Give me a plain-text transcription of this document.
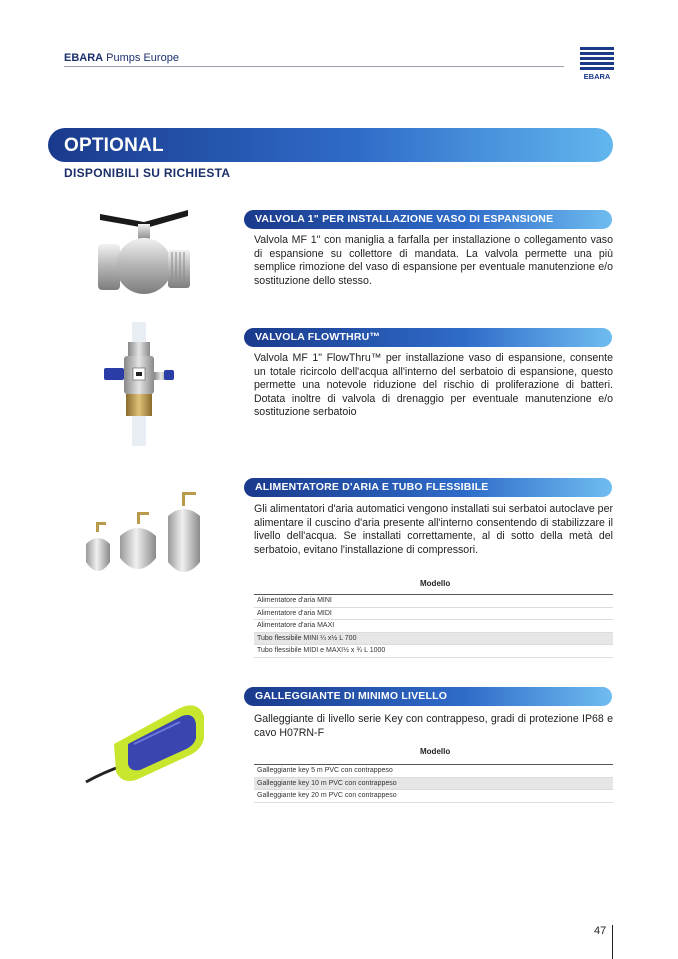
EBARA Pumps Europe
EBARA
OPTIONAL
DISPONIBILI SU RICHIESTA
VALVOLA 1" PER INSTALLAZIONE VASO DI ESPANSIONE
Valvola MF 1" con maniglia a farfalla per installazione o collegamento vaso di espansione su collettore di mandata. La valvola permette una più semplice rimozione del vaso di espansione per eventuale manutenzione e/o sostituzione dello stesso.
VALVOLA FLOWTHRU™
Valvola MF 1" FlowThru™ per installazione vaso di espansione, consente un totale ricircolo dell'acqua all'interno del serbatoio di espansione, questo permette una notevole riduzione del rischio di proliferazione di batteri. Dotata inoltre di valvola di drenaggio per eventuale manutenzione e/o sostituzione serbatoio
ALIMENTATORE D'ARIA E TUBO FLESSIBILE
Gli alimentatori d'aria automatici vengono installati sui serbatoi autoclave per alimentare il cuscino d'aria presente all'interno consentendo di stabilizzare il livello dell'acqua. Se installati correttamente, al di sotto della metà del serbatoio, evitano l'installazione di compressori.
Modello
Alimentatore d'aria MINI
Alimentatore d'aria MIDI
Alimentatore d'aria MAXI
Tubo flessibile MINI ¼ x½ L 700
Tubo flessibile MIDI e MAXI½ x ¾ L 1000
GALLEGGIANTE DI MINIMO LIVELLO
Galleggiante di livello serie Key con contrappeso, gradi di protezione IP68 e cavo H07RN-F
Modello
Galleggiante key 5 m PVC con contrappeso
Galleggiante key 10 m PVC con contrappeso
Galleggiante key 20 m PVC con contrappeso
47
